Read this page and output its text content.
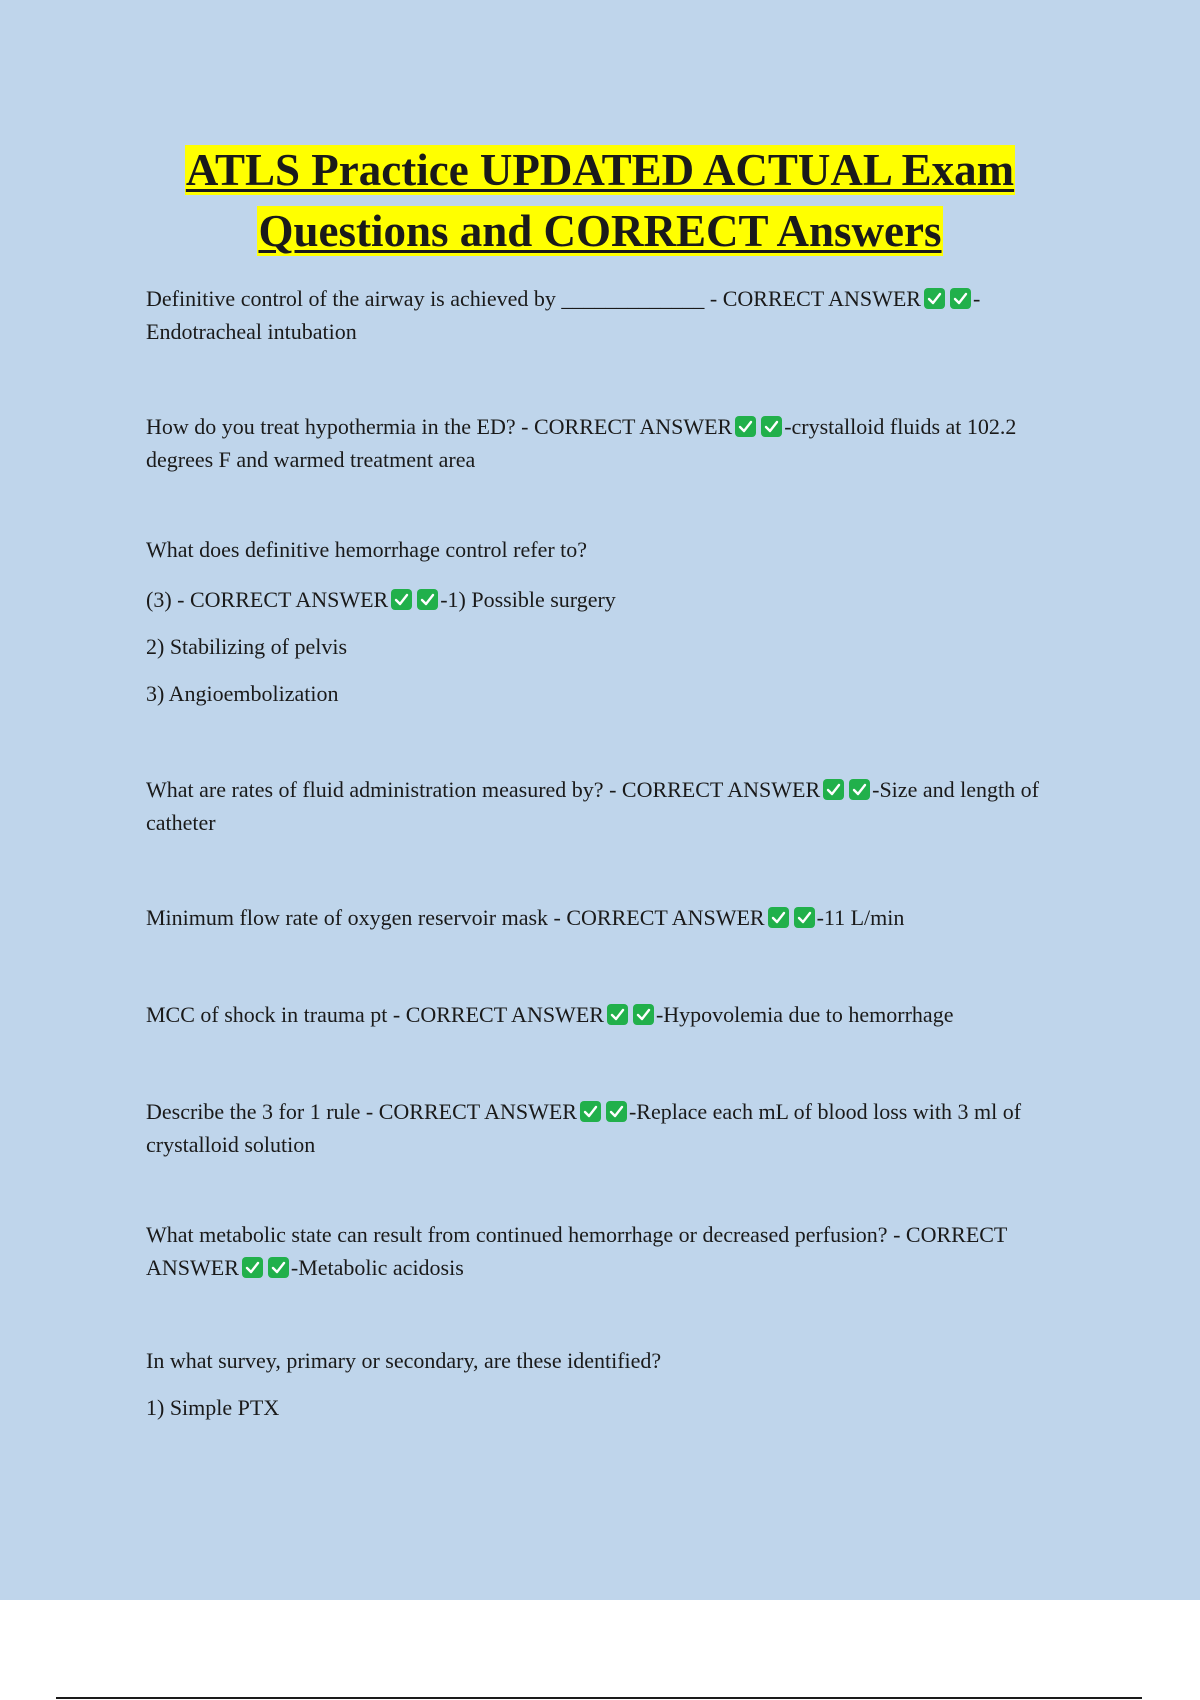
ATLS Practice UPDATED ACTUAL Exam
Questions and CORRECT Answers

Definitive control of the airway is achieved by _____________ - CORRECT ANSWER -Endotracheal intubation

How do you treat hypothermia in the ED? - CORRECT ANSWER -crystalloid fluids at 102.2 degrees F and warmed treatment area

What does definitive hemorrhage control refer to?

(3) - CORRECT ANSWER -1) Possible surgery

2) Stabilizing of pelvis

3) Angioembolization

What are rates of fluid administration measured by? - CORRECT ANSWER -Size and length of catheter

Minimum flow rate of oxygen reservoir mask - CORRECT ANSWER -11 L/min

MCC of shock in trauma pt - CORRECT ANSWER -Hypovolemia due to hemorrhage

Describe the 3 for 1 rule - CORRECT ANSWER -Replace each mL of blood loss with 3 ml of crystalloid solution

What metabolic state can result from continued hemorrhage or decreased perfusion? - CORRECT ANSWER -Metabolic acidosis

In what survey, primary or secondary, are these identified?

1) Simple PTX
